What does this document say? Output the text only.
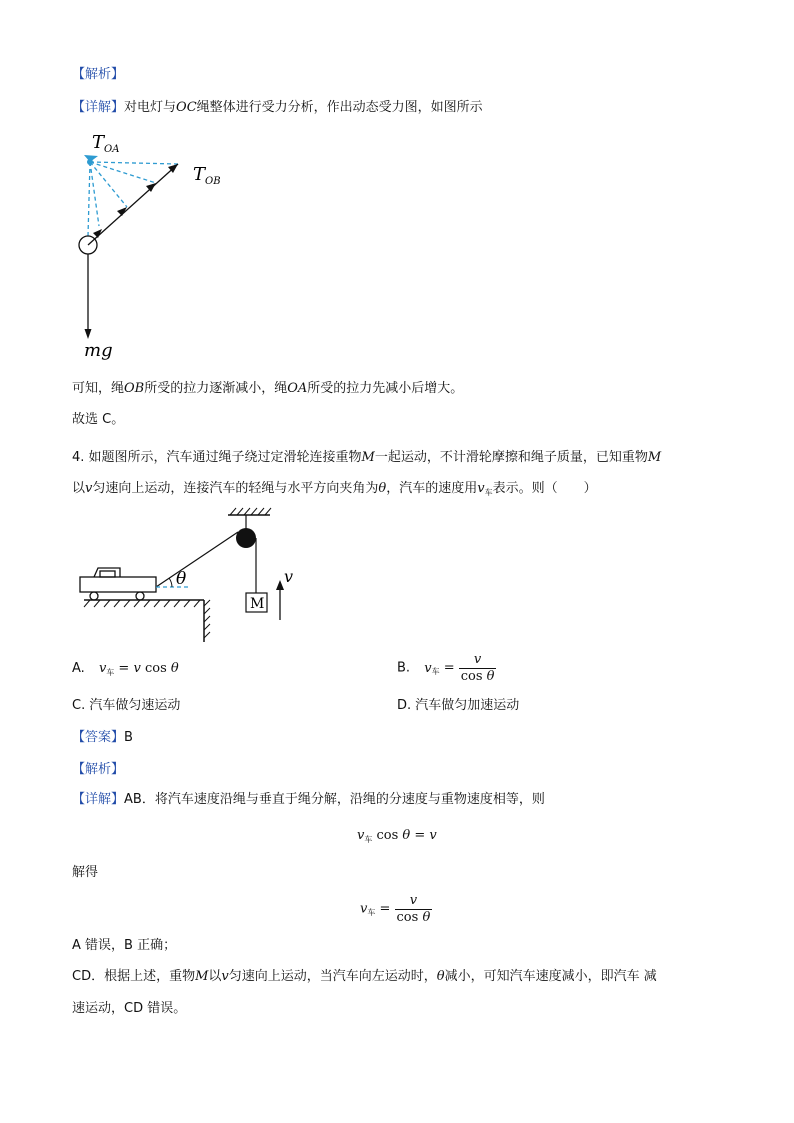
【解析】
【详解】对电灯与OC绳整体进行受力分析，作出动态受力图，如图所示
$T_{OA}$
$T_{OB}$
mg
可知，绳OB所受的拉力逐渐减小，绳OA所受的拉力先减小后增大。
故选 C。
4. 如题图所示，汽车通过绳子绕过定滑轮连接重物M一起运动，不计滑轮摩擦和绳子质量，已知重物M
以v匀速向上运动，连接汽车的轻绳与水平方向夹角为θ，汽车的速度用$v_车$表示。则（　　）
M
v
θ
A. $v_车 = v$ cos θ	B. $v_车 = \frac{v}{\text{cos θ}}$
C. 汽车做匀速运动	D. 汽车做匀加速运动
【答案】B
【解析】
【详解】AB．将汽车速度沿绳与垂直于绳分解，沿绳的分速度与重物速度相等，则
$v_车$ cos θ = v
解得
$v_车 = \frac{v}{\text{cos θ}}$
A 错误，B 正确；
CD．根据上述，重物M以v匀速向上运动，当汽车向左运动时，θ减小，可知汽车速度减小，即汽车 减
速运动，CD 错误。
